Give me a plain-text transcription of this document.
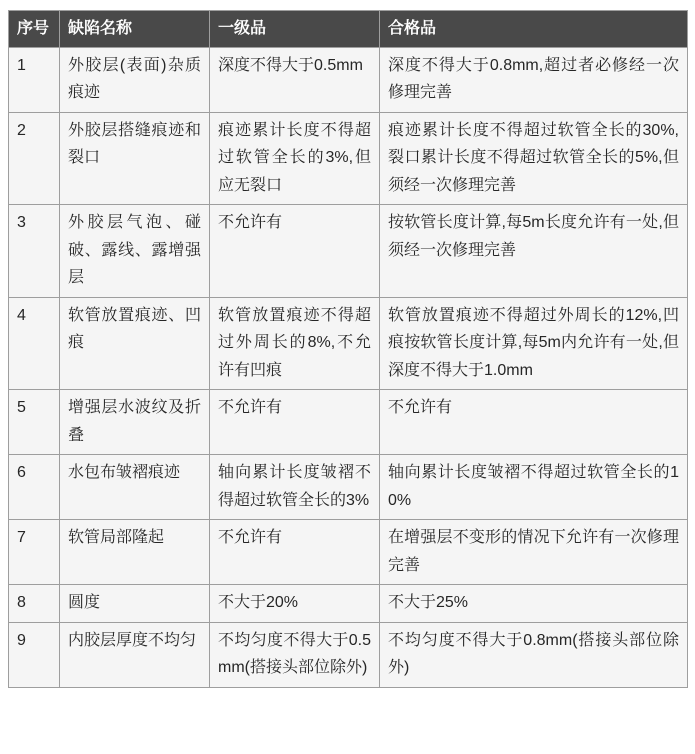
序号	缺陷名称	一级品	合格品
1	外胶层(表面)杂质痕迹	深度不得大于0.5mm	深度不得大于0.8mm,超过者必修经一次修理完善
2	外胶层搭缝痕迹和裂口	痕迹累计长度不得超过软管全长的3%,但应无裂口	痕迹累计长度不得超过软管全长的30%,裂口累计长度不得超过软管全长的5%,但须经一次修理完善
3	外胶层气泡、碰破、露线、露增强层	不允许有	按软管长度计算,每5m长度允许有一处,但须经一次修理完善
4	软管放置痕迹、凹痕	软管放置痕迹不得超过外周长的8%,不允许有凹痕	软管放置痕迹不得超过外周长的12%,凹痕按软管长度计算,每5m内允许有一处,但深度不得大于1.0mm
5	增强层水波纹及折叠	不允许有	不允许有
6	水包布皱褶痕迹	轴向累计长度皱褶不得超过软管全长的3%	轴向累计长度皱褶不得超过软管全长的10%
7	软管局部隆起	不允许有	在增强层不变形的情况下允许有一次修理完善
8	圆度	不大于20%	不大于25%
9	内胶层厚度不均匀	不均匀度不得大于0.5mm(搭接头部位除外)	不均匀度不得大于0.8mm(搭接头部位除外)
